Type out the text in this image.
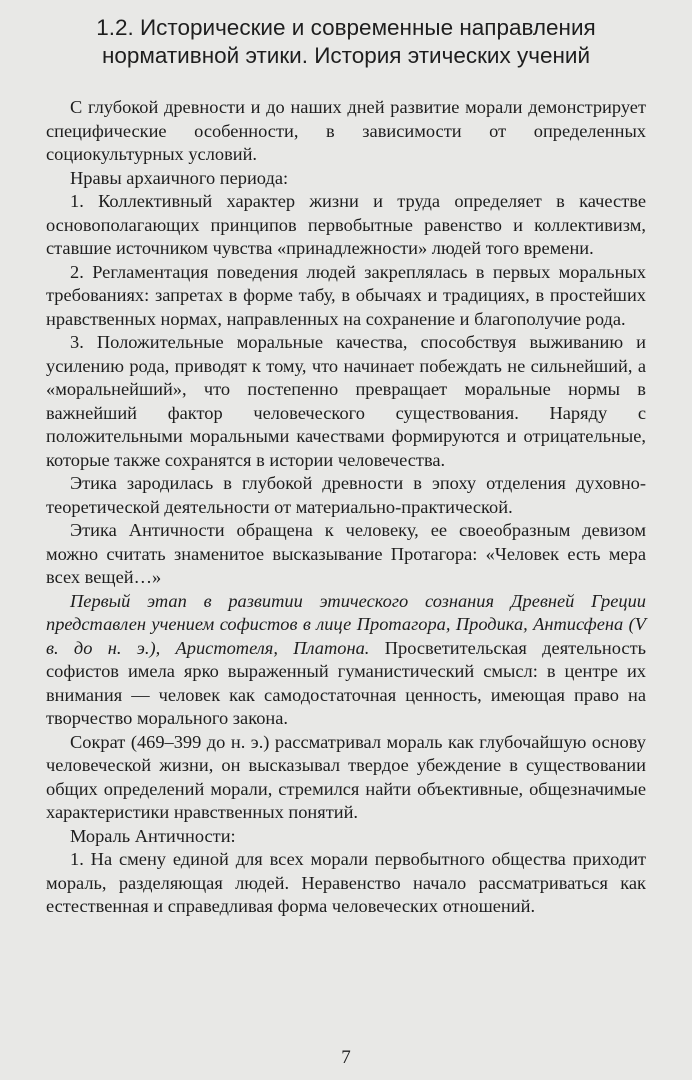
1.2. Исторические и современные направления
нормативной этики. История этических учений

С глубокой древности и до наших дней развитие морали демонстрирует специфические особенности, в зависимости от определенных социокультурных условий.

Нравы архаичного периода:

1. Коллективный характер жизни и труда определяет в качестве основополагающих принципов первобытные равенство и коллективизм, ставшие источником чувства «принадлежности» людей того времени.

2. Регламентация поведения людей закреплялась в первых моральных требованиях: запретах в форме табу, в обычаях и традициях, в простейших нравственных нормах, направленных на сохранение и благополучие рода.

3. Положительные моральные качества, способствуя выживанию и усилению рода, приводят к тому, что начинает побеждать не сильнейший, а «моральнейший», что постепенно превращает моральные нормы в важнейший фактор человеческого существования. Наряду с положительными моральными качествами формируются и отрицательные, которые также сохранятся в истории человечества.

Этика зародилась в глубокой древности в эпоху отделения духовно-теоретической деятельности от материально-практической.

Этика Античности обращена к человеку, ее своеобразным девизом можно считать знаменитое высказывание Протагора: «Человек есть мера всех вещей…»

Первый этап в развитии этического сознания Древней Греции представлен учением софистов в лице Протагора, Продика, Антисфена (V в. до н. э.), Аристотеля, Платона. Просветительская деятельность софистов имела ярко выраженный гуманистический смысл: в центре их внимания — человек как самодостаточная ценность, имеющая право на творчество морального закона.

Сократ (469–399 до н. э.) рассматривал мораль как глубочайшую основу человеческой жизни, он высказывал твердое убеждение в существовании общих определений морали, стремился найти объективные, общезначимые характеристики нравственных понятий.

Мораль Античности:

1. На смену единой для всех морали первобытного общества приходит мораль, разделяющая людей. Неравенство начало рассматриваться как естественная и справедливая форма человеческих отношений.

7
